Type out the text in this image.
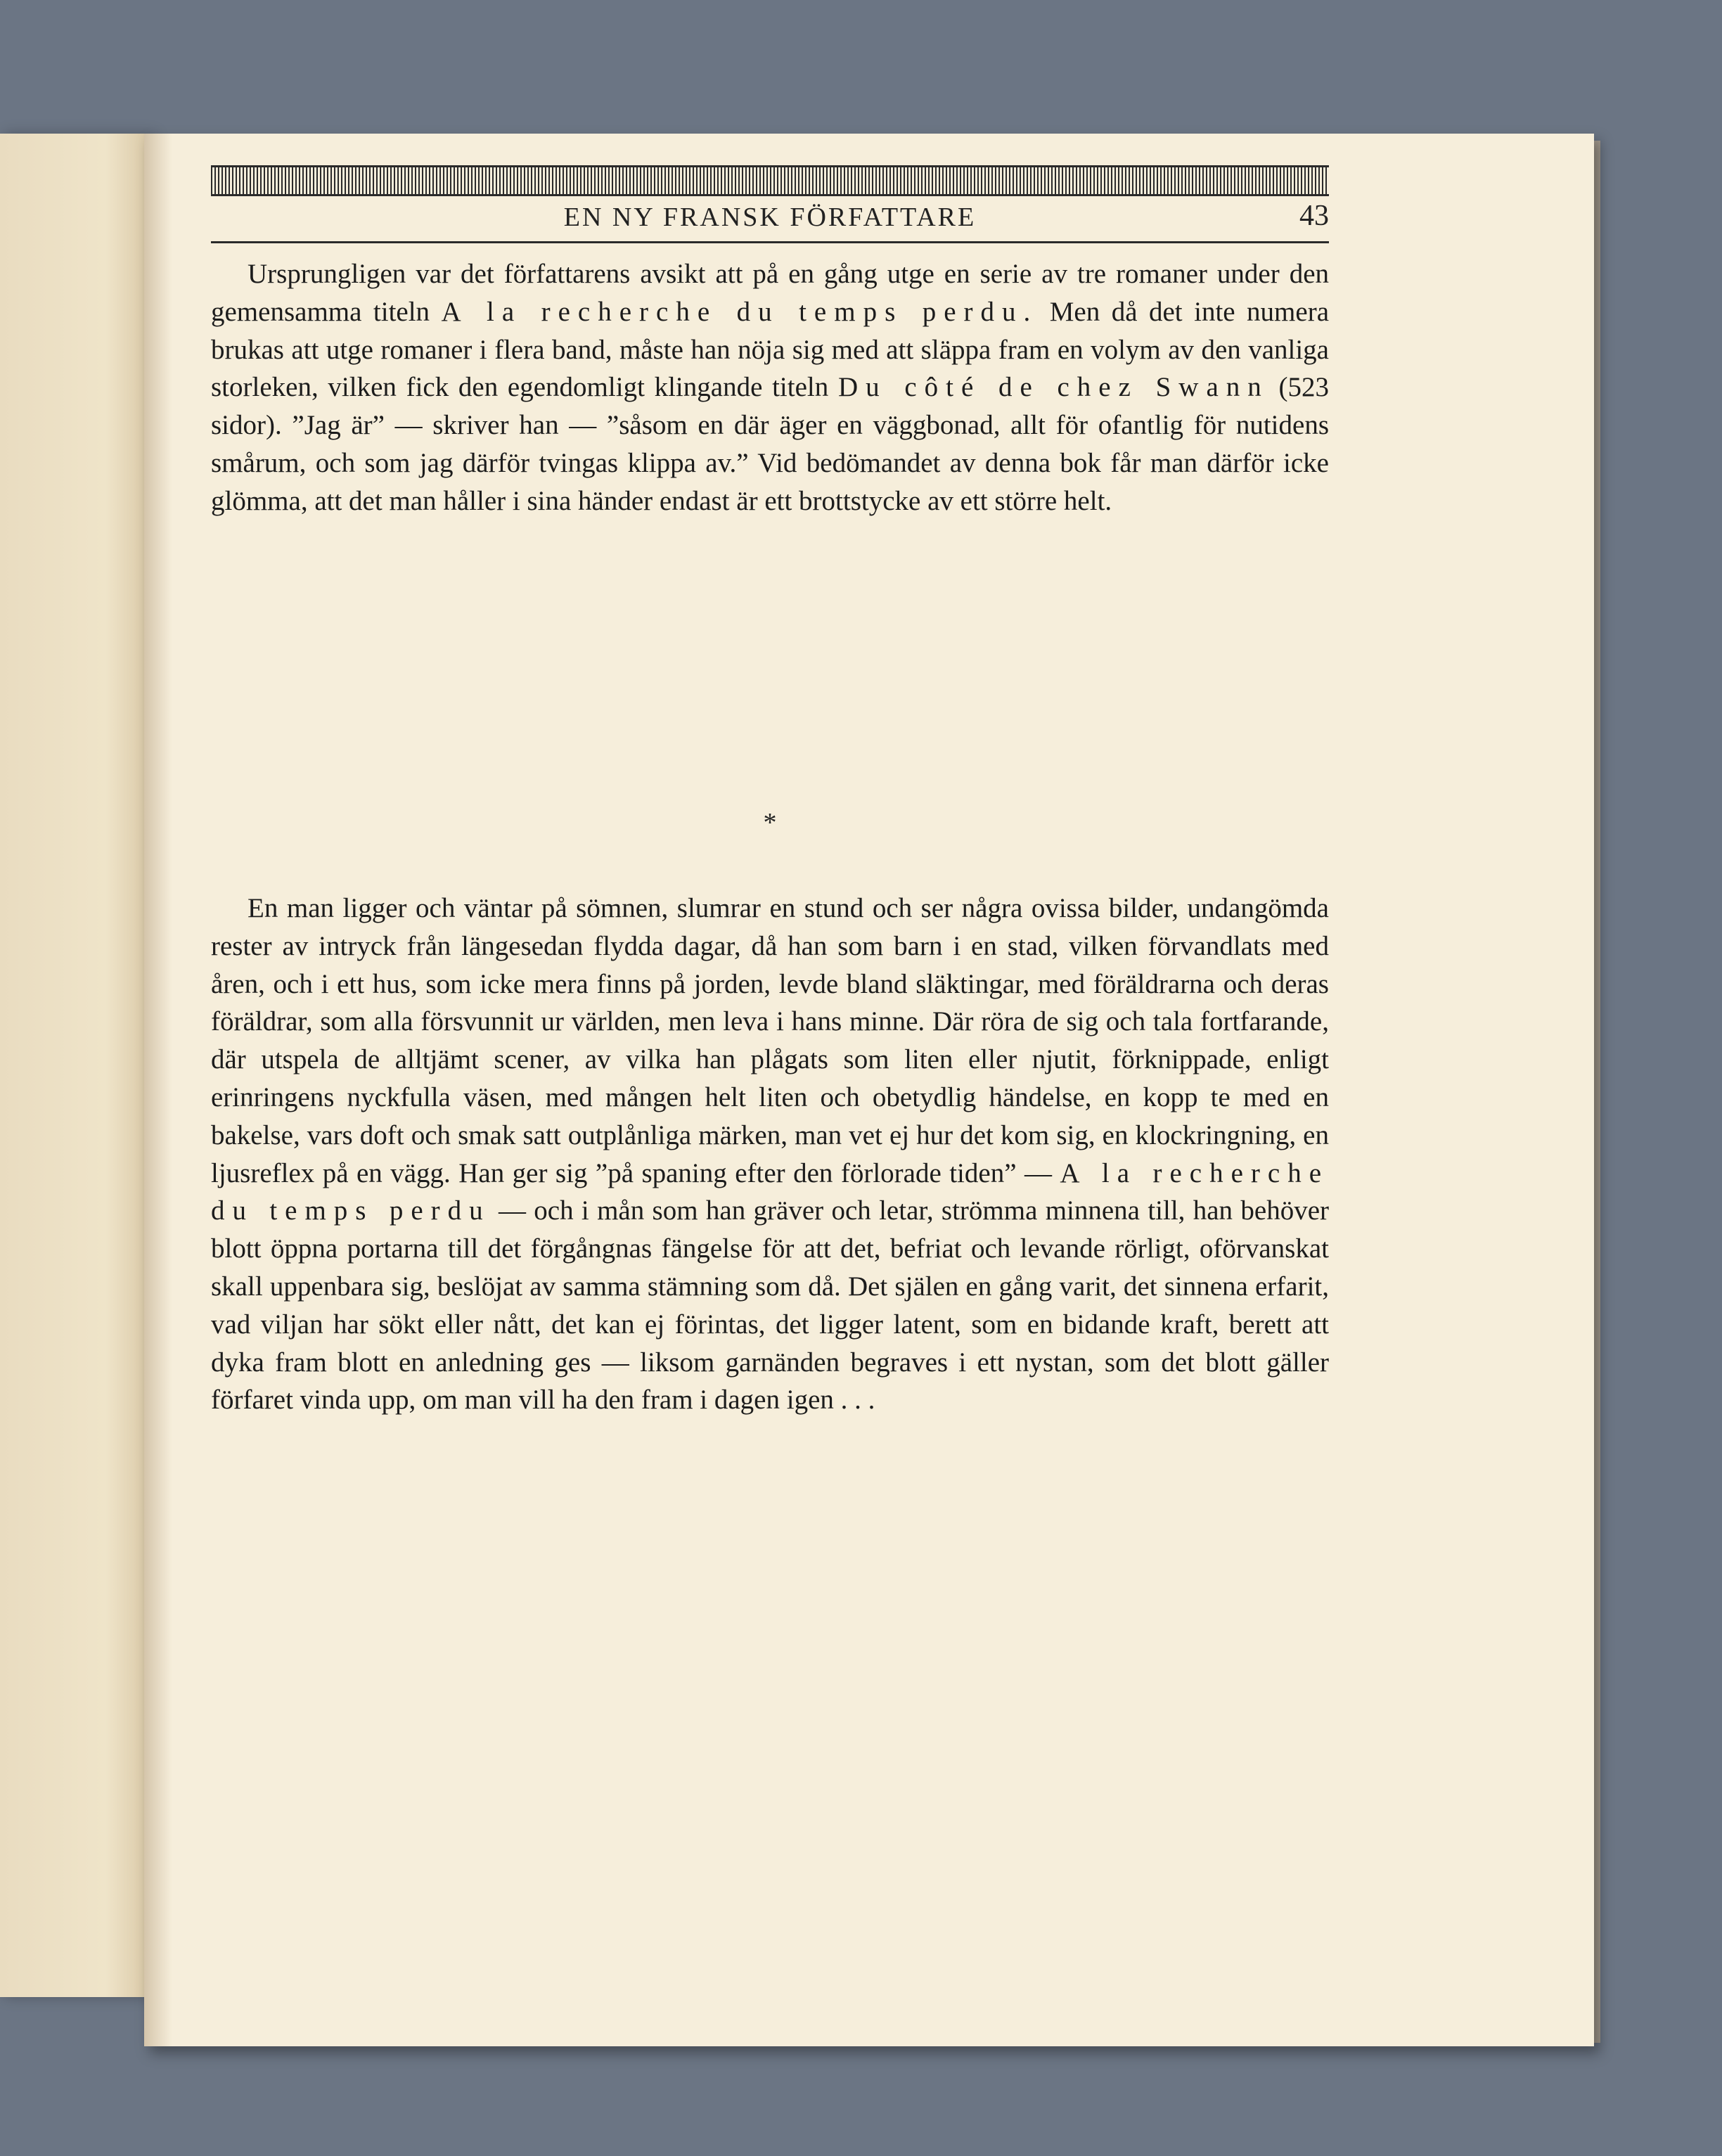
EN NY FRANSK FÖRFATTARE	43
Ursprungligen var det författarens avsikt att på en gång utge en serie av tre romaner under den gemensamma titeln A la recherche du temps perdu. Men då det inte numera brukas att utge romaner i flera band, måste han nöja sig med att släppa fram en volym av den vanliga storleken, vilken fick den egendomligt klingande titeln Du côté de chez Swann (523 sidor). ”Jag är” — skriver han — ”såsom en där äger en väggbonad, allt för ofantlig för nutidens smårum, och som jag därför tvingas klippa av.” Vid bedömandet av denna bok får man därför icke glömma, att det man håller i sina händer endast är ett brottstycke av ett större helt.
*
En man ligger och väntar på sömnen, slumrar en stund och ser några ovissa bilder, undangömda rester av intryck från längesedan flydda dagar, då han som barn i en stad, vilken förvandlats med åren, och i ett hus, som icke mera finns på jorden, levde bland släktingar, med föräldrarna och deras föräldrar, som alla försvunnit ur världen, men leva i hans minne. Där röra de sig och tala fortfarande, där utspela de alltjämt scener, av vilka han plågats som liten eller njutit, förknippade, enligt erinringens nyckfulla väsen, med mången helt liten och obetydlig händelse, en kopp te med en bakelse, vars doft och smak satt outplånliga märken, man vet ej hur det kom sig, en klockringning, en ljusreflex på en vägg. Han ger sig ”på spaning efter den förlorade tiden” — A la recherche du temps perdu — och i mån som han gräver och letar, strömma minnena till, han behöver blott öppna portarna till det förgångnas fängelse för att det, befriat och levande rörligt, oförvanskat skall uppenbara sig, beslöjat av samma stämning som då. Det själen en gång varit, det sinnena erfarit, vad viljan har sökt eller nått, det kan ej förintas, det ligger latent, som en bidande kraft, berett att dyka fram blott en anledning ges — liksom garnänden begraves i ett nystan, som det blott gäller förfaret vinda upp, om man vill ha den fram i dagen igen . . .
